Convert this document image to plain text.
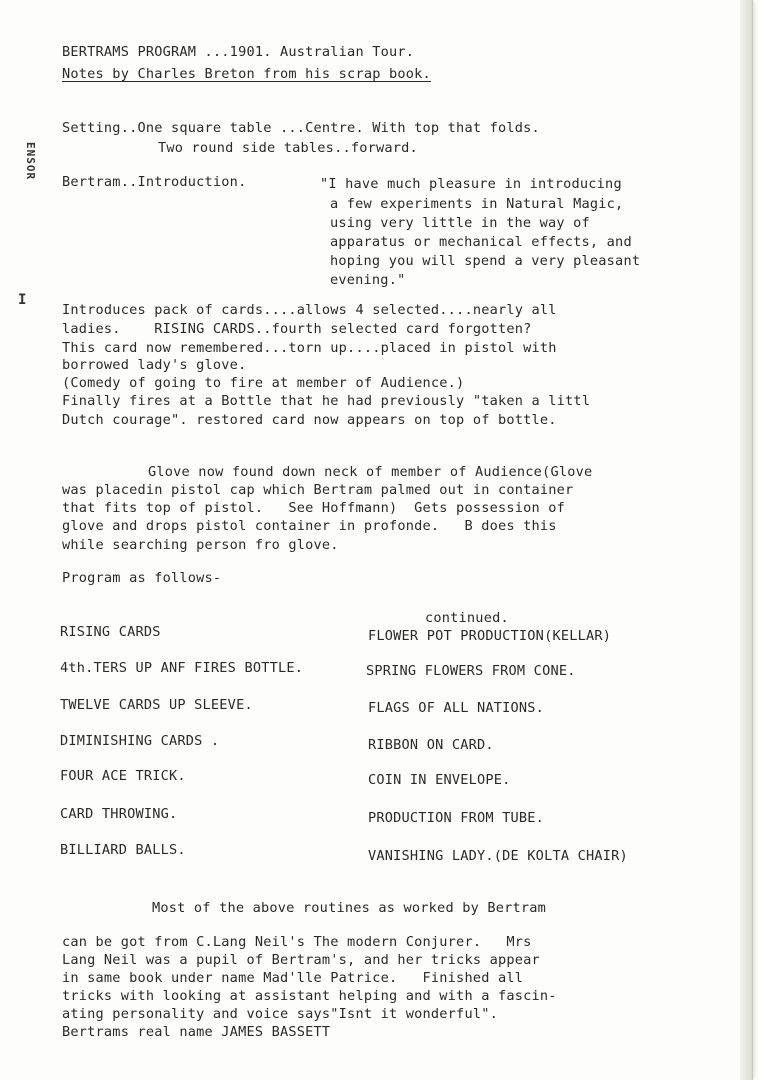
BERTRAMS PROGRAM ...1901. Australian Tour.
Notes by Charles Breton from his scrap book.
ENSOR
I
Setting..One square table ...Centre. With top that folds.
Two round side tables..forward.
Bertram..Introduction.	"I have much pleasure in introducing
a few experiments in Natural Magic,
using very little in the way of
apparatus or mechanical effects, and
hoping you will spend a very pleasant
evening."
Introduces pack of cards....allows 4 selected....nearly all
ladies.    RISING CARDS..fourth selected card forgotten?
This card now remembered...torn up....placed in pistol with
borrowed lady's glove.
(Comedy of going to fire at member of Audience.)
Finally fires at a Bottle that he had previously "taken a littl
Dutch courage". restored card now appears on top of bottle.
Glove now found down neck of member of Audience(Glove
was placedin pistol cap which Bertram palmed out in container
that fits top of pistol.   See Hoffmann)  Gets possession of
glove and drops pistol container in profonde.   B does this
while searching person fro glove.
Program as follows-
continued.
RISING CARDS	FLOWER POT PRODUCTION(KELLAR)
4th.TERS UP ANF FIRES BOTTLE.	SPRING FLOWERS FROM CONE.
TWELVE CARDS UP SLEEVE.	FLAGS OF ALL NATIONS.
DIMINISHING CARDS .	RIBBON ON CARD.
FOUR ACE TRICK.	COIN IN ENVELOPE.
CARD THROWING.	PRODUCTION FROM TUBE.
BILLIARD BALLS.	VANISHING LADY.(DE KOLTA CHAIR)
Most of the above routines as worked by Bertram
can be got from C.Lang Neil's The modern Conjurer.   Mrs
Lang Neil was a pupil of Bertram's, and her tricks appear
in same book under name Mad'lle Patrice.   Finished all
tricks with looking at assistant helping and with a fascin-
ating personality and voice says"Isnt it wonderful".
Bertrams real name JAMES BASSETT
